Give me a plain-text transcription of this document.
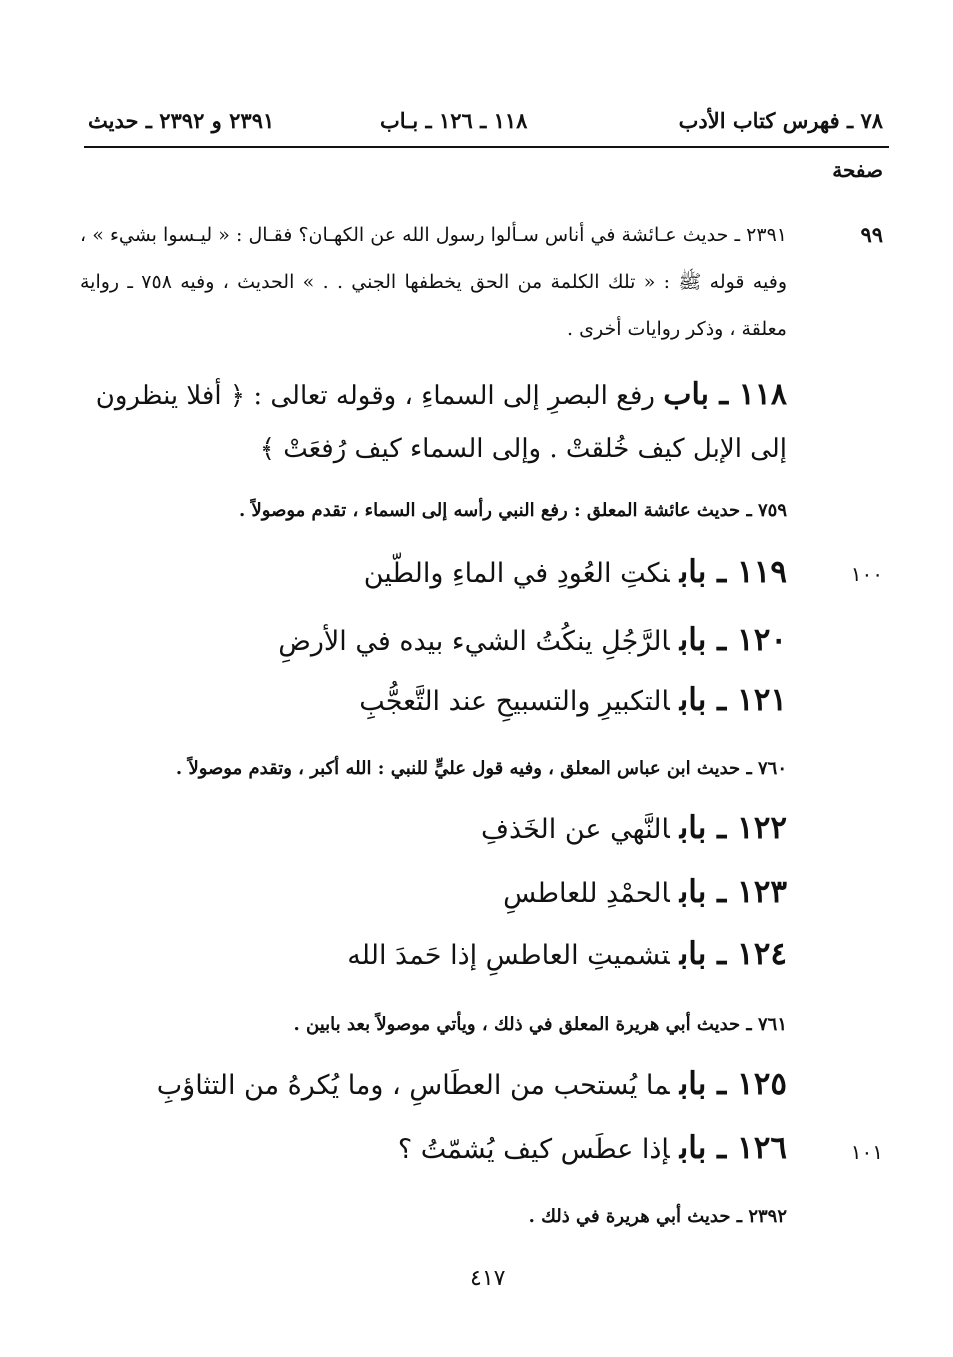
٧٨ ـ فهرس كتاب الأدب
١١٨ ـ ١٢٦ ـ بـاب
٢٣٩١ و ٢٣٩٢ ـ حديث
صفحة
٩٩
٢٣٩١ ـ حديث عـائشة في أناس سـألوا رسول الله عن الكهـان؟ فقـال : « ليـسوا بشيء » ، وفيه قوله ﷺ : « تلك الكلمة من الحق يخطفها الجني . . » الحديث ، وفيه ٧٥٨ ـ رواية معلقة ، وذكر روايات أخرى .
١١٨ ـ باب رفع البصرِ إلى السماءِ ، وقوله تعالى : ﴿ أفلا ينظرون إلى الإبل كيف خُلقتْ . وإلى السماء كيف رُفعَتْ ﴾
٧٥٩ ـ حديث عائشة المعلق : رفع النبي رأسه إلى السماء ، تقدم موصولاً .
١٠٠
١١٩ ـ بابنكتِ العُودِ في الماءِ والطّين
١٢٠ ـ بابالرَّجُلِ ينكُتُ الشيء بيده في الأرضِ
١٢١ ـ بابالتكبيرِ والتسبيحِ عند التَّعجُّبِ
٧٦٠ ـ حديث ابن عباس المعلق ، وفيه قول عليٍّ للنبي : الله أكبر ، وتقدم موصولاً .
١٢٢ ـ بابالنَّهي عن الخَذفِ
١٢٣ ـ بابالحمْدِ للعاطسِ
١٢٤ ـ بابتشميتِ العاطسِ إذا حَمدَ الله
٧٦١ ـ حديث أبي هريرة المعلق في ذلك ، ويأتي موصولاً بعد بابين .
١٢٥ ـ بابما يُستحب من العطَاسِ ، وما يُكرهُ من التثاؤبِ
١٠١
١٢٦ ـ بابإذا عطَس كيف يُشمّتُ ؟
٢٣٩٢ ـ حديث أبي هريرة في ذلك .
٤١٧
